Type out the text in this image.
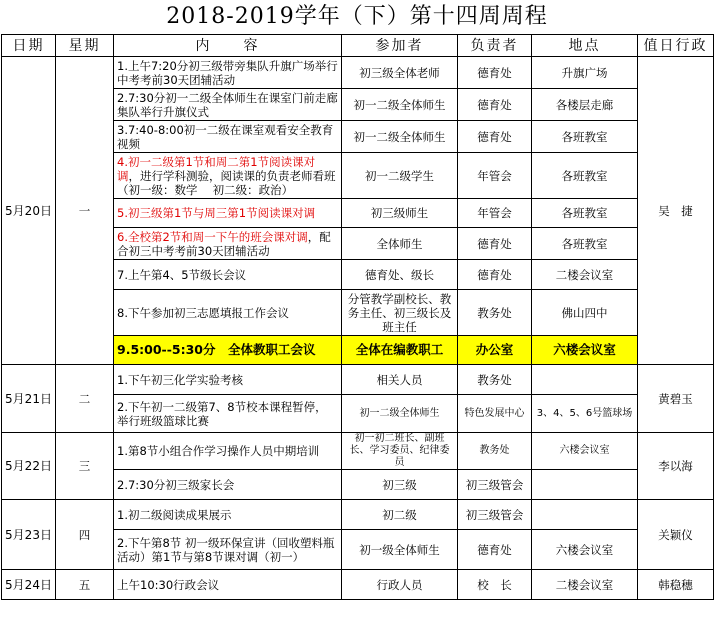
2018-2019学年（下）第十四周周程
日期	星期	内　　容	参加者	负责者	地点	值日行政
5月20日	一	1.上午7:20分初三级带旁集队升旗广场举行中考考前30天团辅活动	初三级全体老师	德育处	升旗广场	吴　捷
		2.7:30分初一二级全体师生在课室门前走廊集队举行升旗仪式	初一二级全体师生	德育处	各楼层走廊	
		3.7:40-8:00初一二级在课室观看安全教育视频	初一二级全体师生	德育处	各班教室	
		4.初一二级第1节和周二第1节阅读课对调，进行学科测验，阅读课的负责老师看班（初一级：数学　 初二级：政治）	初一二级学生	年管会	各班教室	
		5.初三级第1节与周三第1节阅读课对调	初三级师生	年管会	各班教室	
		6.全校第2节和周一下午的班会课对调，配合初三中考考前30天团辅活动	全体师生	德育处	各班教室	
		7.上午第4、5节级长会议	德育处、级长	德育处	二楼会议室	
		8.下午参加初三志愿填报工作会议	分管教学副校长、教务主任、初三级长及班主任	教务处	佛山四中	
		9.5:00--5:30分　全体教职工会议	全体在编教职工	办公室	六楼会议室	
5月21日	二	1.下午初三化学实验考核	相关人员	教务处		黄碧玉
		2.下午初一二级第7、8节校本课程暂停，举行班级篮球比赛	初一二级全体师生	特色发展中心	3、4、5、6号篮球场	
5月22日	三	1.第8节小组合作学习操作人员中期培训	初一初二班长、副班长、学习委员、纪律委员	教务处	六楼会议室	李以海
		2.7:30分初三级家长会	初三级	初三级管会		
5月23日	四	1.初二级阅读成果展示	初二级	初三级管会		关颖仪
		2.下午第8节 初一级环保宣讲（回收塑料瓶活动）第1节与第8节课对调（初一）	初一级全体师生	德育处	六楼会议室	
5月24日	五	上午10:30行政会议	行政人员	校　长	二楼会议室	韩稳穗
